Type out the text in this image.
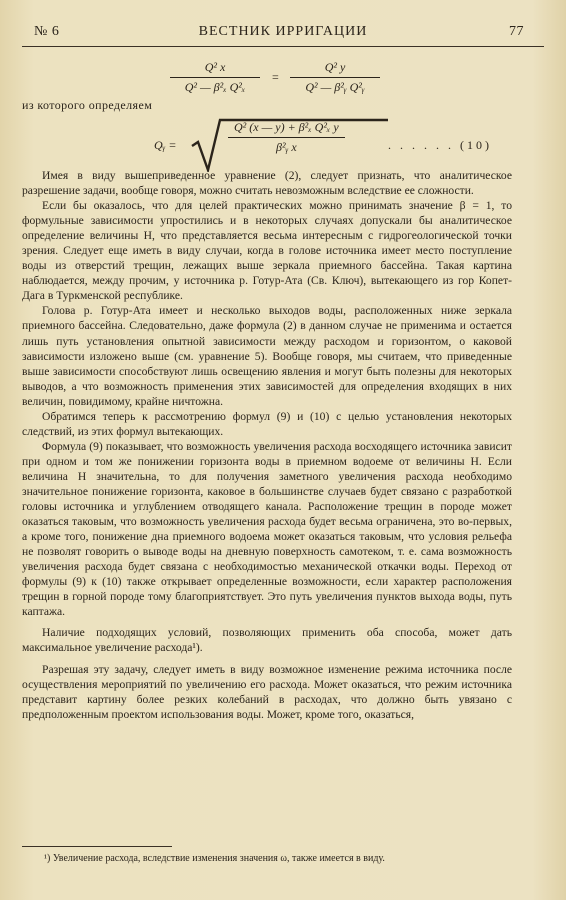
№ 6	ВЕСТНИК ИРРИГАЦИИ	77
$\frac{\text{Q² x}}{\text{Q² — β²ₓ Q²ₓ}} = \frac{\text{Q² y}}{\text{Q² — β²ᵧ Q²ᵧ}}$
из которого определяем
Qᵧ =	$\frac{\text{Q² (x — y) + β²ₓ Q²ₓ y}}{\text{β²ᵧ x}}$	. . . . . . (10)

Имея в виду вышеприведенное уравнение (2), следует признать, что аналитическое разрешение задачи, вообще говоря, можно считать невозможным вследствие ее сложности.

Если бы оказалось, что для целей практических можно принимать значение β = 1, то формульные зависимости упростились и в некоторых случаях допускали бы аналитическое определение величины H, что представляется весьма интересным с гидрогеологической точки зрения. Следует еще иметь в виду случаи, когда в голове источника имеет место поступление воды из отверстий трещин, лежащих выше зеркала приемного бассейна. Такая картина наблюдается, между прочим, у источника р. Готур-Ата (Св. Ключ), вытекающего из гор Копет-Дага в Туркменской республике.

Голова р. Готур-Ата имеет и несколько выходов воды, расположенных ниже зеркала приемного бассейна. Следовательно, даже формула (2) в данном случае не применима и остается лишь путь установления опытной зависимости между расходом и горизонтом, о каковой зависимости изложено выше (см. уравнение 5). Вообще говоря, мы считаем, что приведенные выше зависимости способствуют лишь освещению явления и могут быть полезны для некоторых выводов, а что возможность применения этих зависимостей для определения входящих в них величин, повидимому, крайне ничтожна.

Обратимся теперь к рассмотрению формул (9) и (10) с целью установления некоторых следствий, из этих формул вытекающих.

Формула (9) показывает, что возможность увеличения расхода восходящего источника зависит при одном и том же понижении горизонта воды в приемном водоеме от величины H. Если величина H значительна, то для получения заметного увеличения расхода необходимо значительное понижение горизонта, каковое в большинстве случаев будет связано с разработкой головы источника и углублением отводящего канала. Расположение трещин в породе может оказаться таковым, что возможность увеличения расхода будет весьма ограничена, это во-первых, а кроме того, понижение дна приемного водоема может оказаться таковым, что условия рельефа не позволят говорить о выводе воды на дневную поверхность самотеком, т. е. сама возможность увеличения расхода будет связана с необходимостью механической откачки воды. Переход от формулы (9) к (10) также открывает определенные возможности, если характер расположения трещин в горной породе тому благоприятствует. Это путь увеличения пунктов выхода воды, путь каптажа.

Наличие подходящих условий, позволяющих применить оба способа, может дать максимальное увеличение расхода¹).

Разрешая эту задачу, следует иметь в виду возможное изменение режима источника после осуществления мероприятий по увеличению его расхода. Может оказаться, что режим источника представит картину более резких колебаний в расходах, что должно быть увязано с предположенным проектом использования воды. Может, кроме того, оказаться,

¹) Увеличение расхода, вследствие изменения значения ω, также имеется в виду.
